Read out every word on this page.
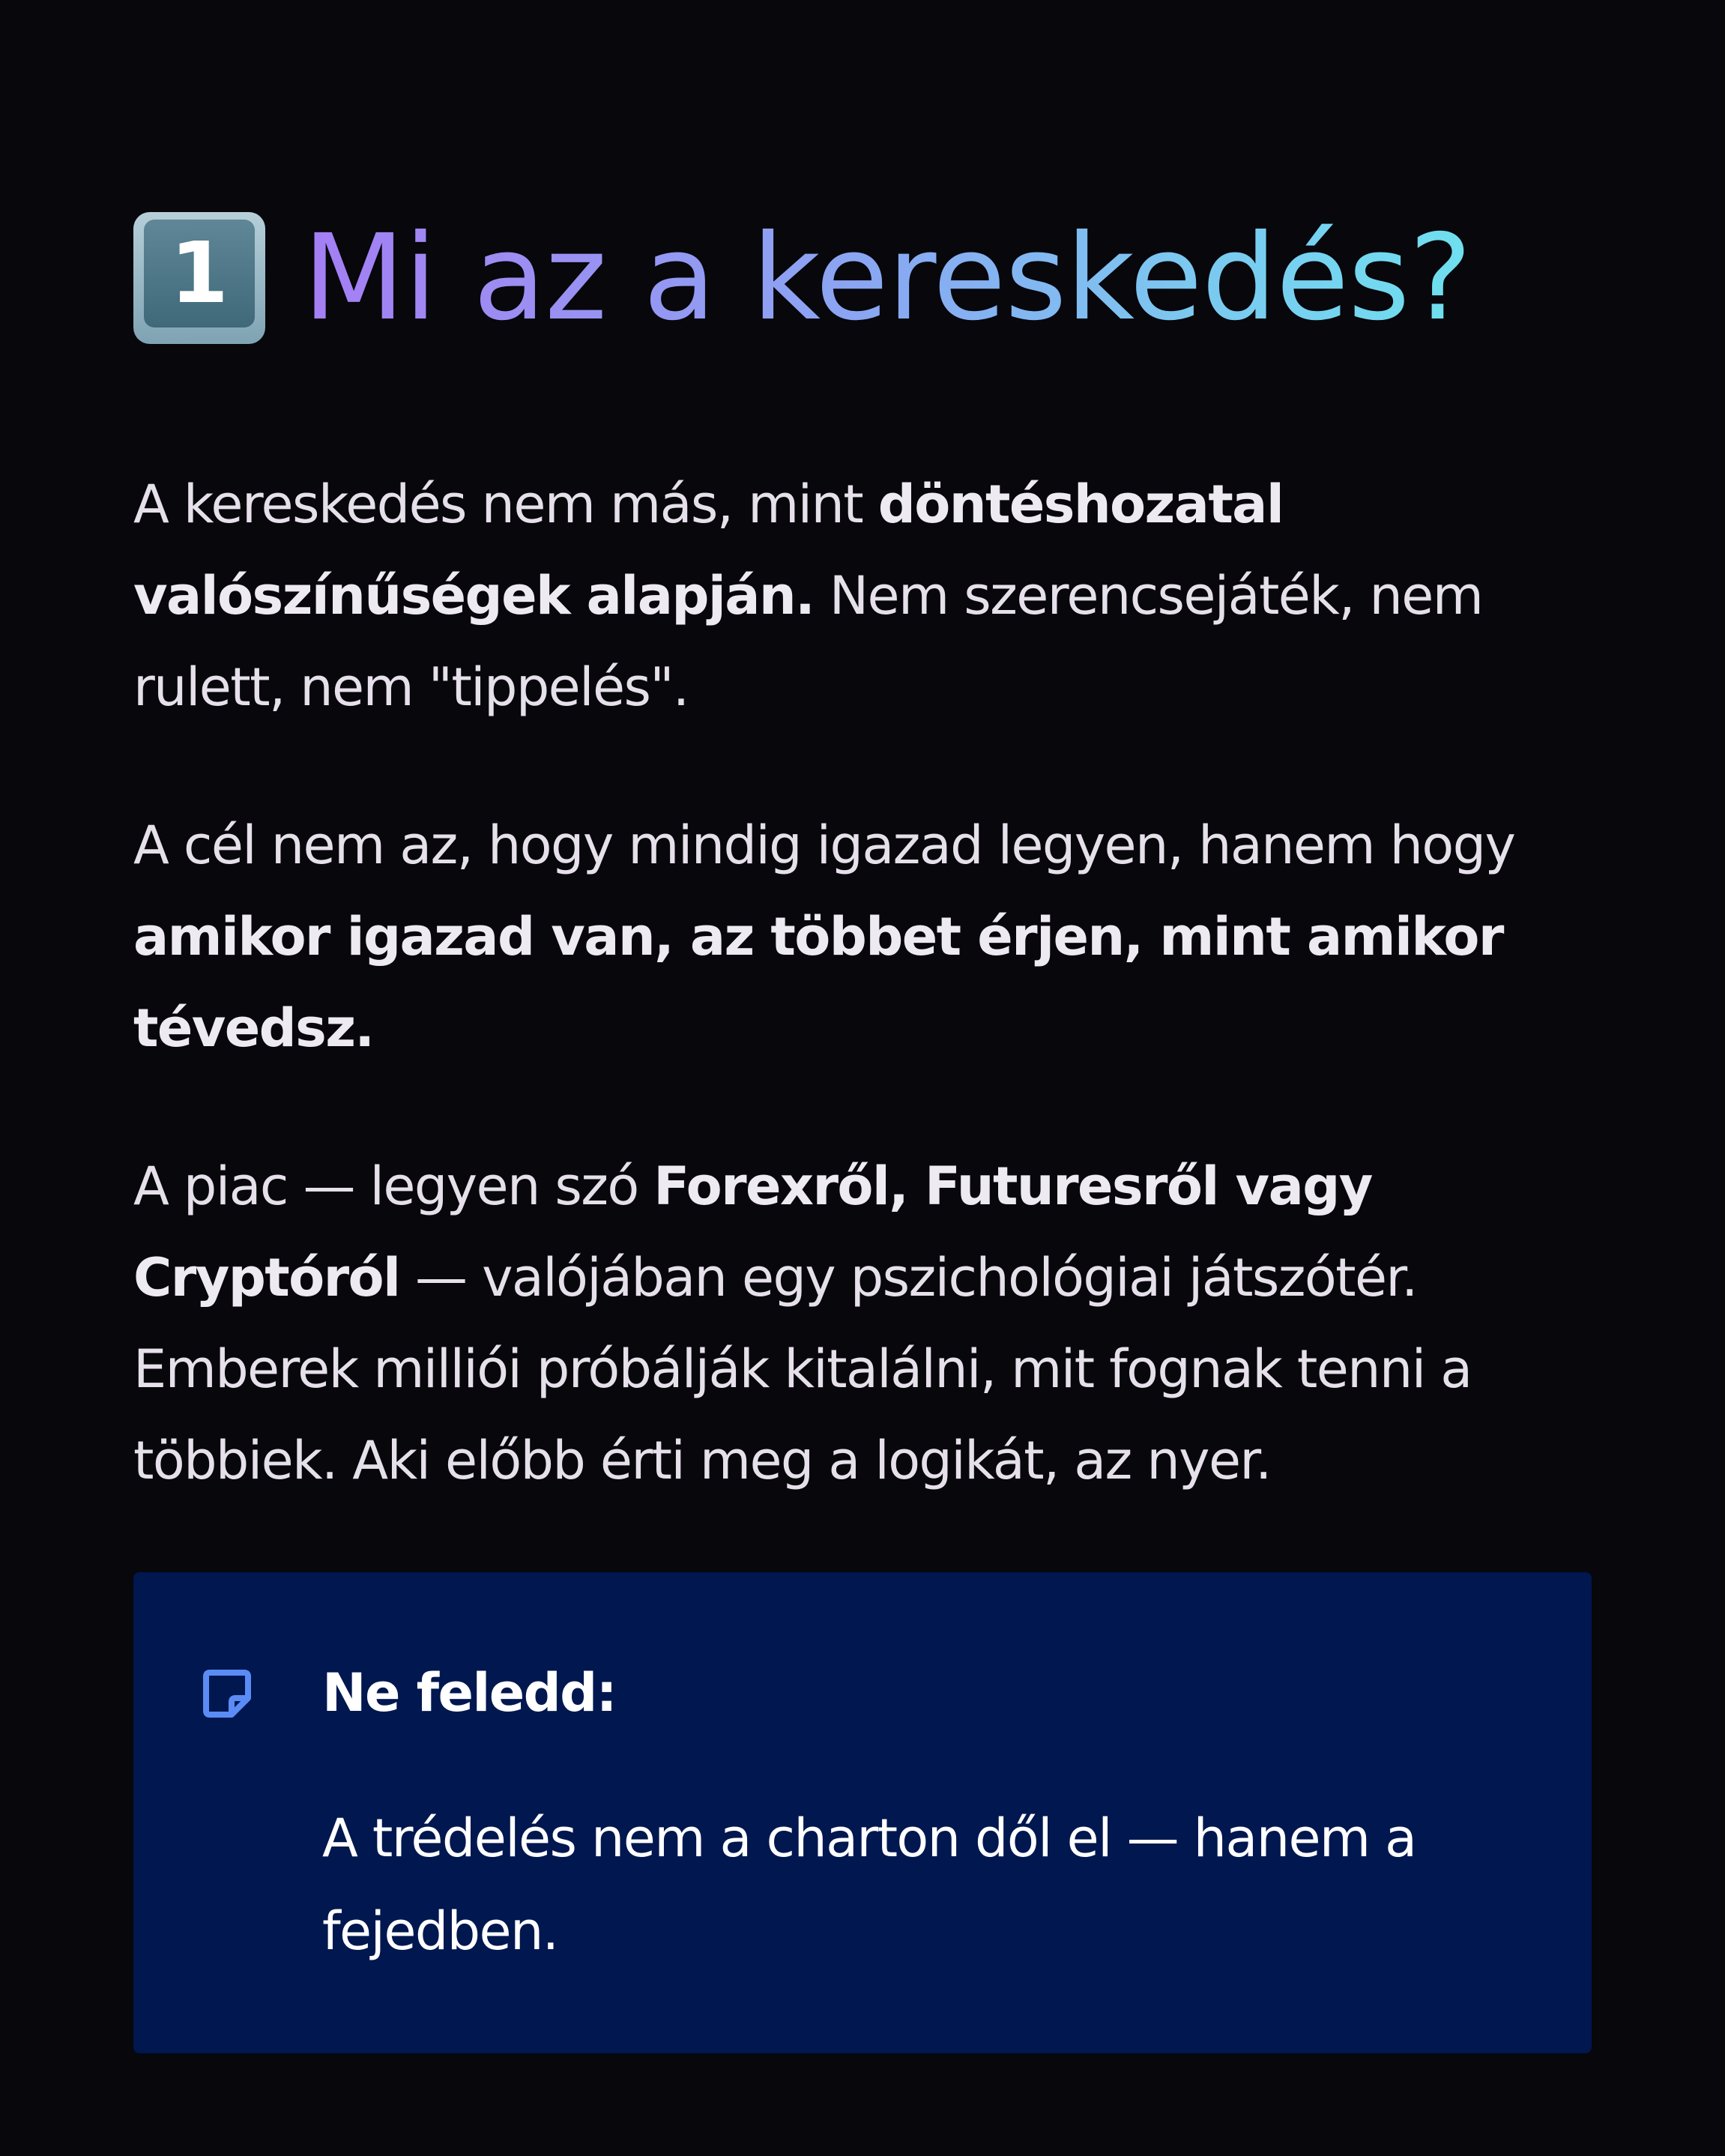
1 Mi az a kereskedés?

A kereskedés nem más, mint döntéshozatal valószínűségek alapján. Nem szerencsejáték, nem rulett, nem "tippelés".

A cél nem az, hogy mindig igazad legyen, hanem hogy amikor igazad van, az többet érjen, mint amikor tévedsz.

A piac — legyen szó Forexről, Futuresről vagy Cryptóról — valójában egy pszichológiai játszótér. Emberek milliói próbálják kitalálni, mit fognak tenni a többiek. Aki előbb érti meg a logikát, az nyer.

Ne feledd:

A trédelés nem a charton dől el — hanem a fejedben.
